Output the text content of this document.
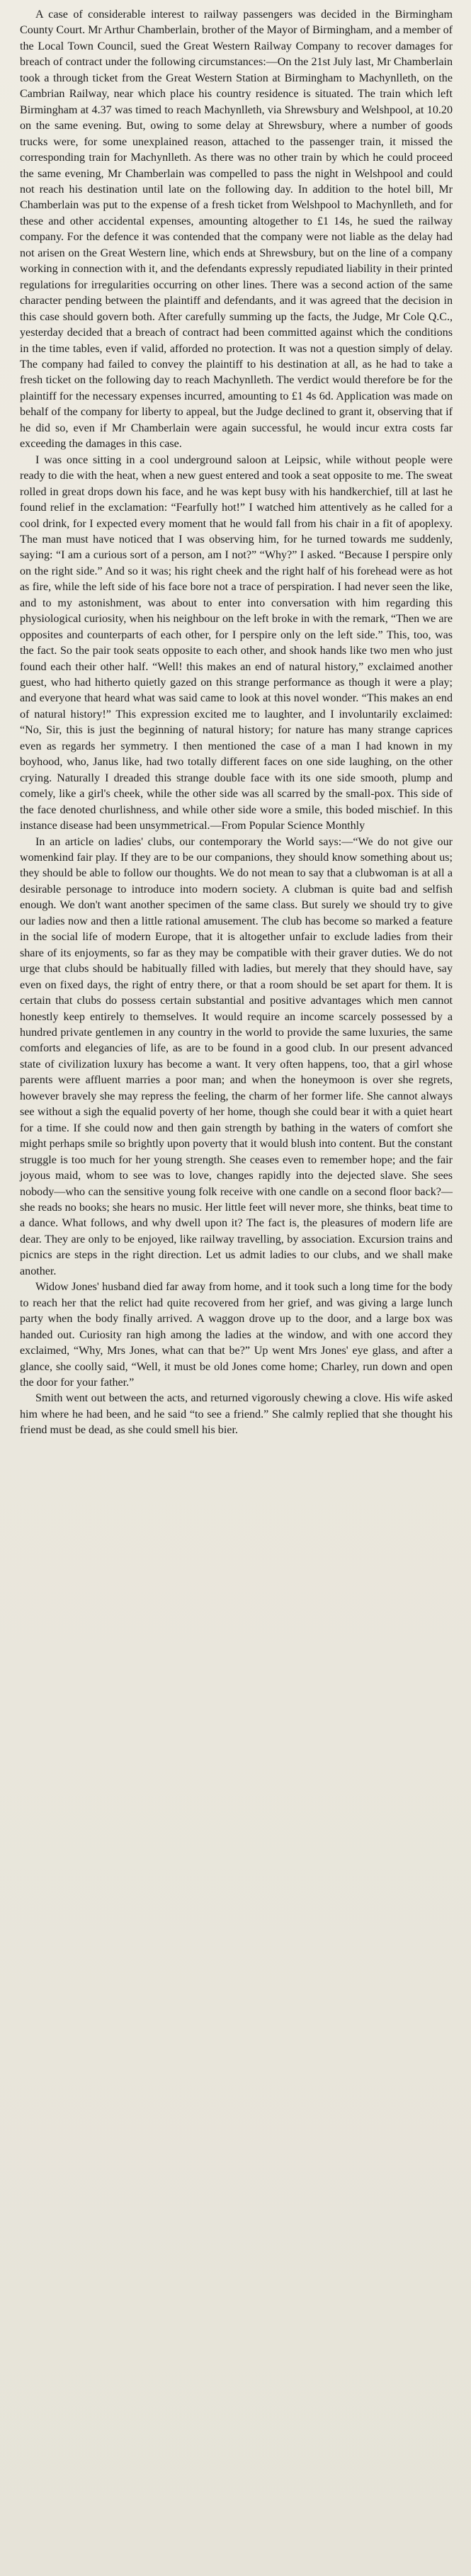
A case of considerable interest to railway passengers was decided in the Birmingham County Court. Mr Arthur Chamberlain, brother of the Mayor of Birmingham, and a member of the Local Town Council, sued the Great Western Railway Company to recover damages for breach of contract under the following circumstances:—On the 21st July last, Mr Chamberlain took a through ticket from the Great Western Station at Birmingham to Machynlleth, on the Cambrian Railway, near which place his country residence is situated. The train which left Birmingham at 4.37 was timed to reach Machynlleth, via Shrewsbury and Welshpool, at 10.20 on the same evening. But, owing to some delay at Shrewsbury, where a number of goods trucks were, for some unexplained reason, attached to the passenger train, it missed the corresponding train for Machynlleth. As there was no other train by which he could proceed the same evening, Mr Chamberlain was compelled to pass the night in Welshpool and could not reach his destination until late on the following day. In addition to the hotel bill, Mr Chamberlain was put to the expense of a fresh ticket from Welshpool to Machynlleth, and for these and other accidental expenses, amounting altogether to £1 14s, he sued the railway company. For the defence it was contended that the company were not liable as the delay had not arisen on the Great Western line, which ends at Shrewsbury, but on the line of a company working in connection with it, and the defendants expressly repudiated liability in their printed regulations for irregularities occurring on other lines. There was a second action of the same character pending between the plaintiff and defendants, and it was agreed that the decision in this case should govern both. After carefully summing up the facts, the Judge, Mr Cole Q.C., yesterday decided that a breach of contract had been committed against which the conditions in the time tables, even if valid, afforded no protection. It was not a question simply of delay. The company had failed to convey the plaintiff to his destination at all, as he had to take a fresh ticket on the following day to reach Machynlleth. The verdict would therefore be for the plaintiff for the necessary expenses incurred, amounting to £1 4s 6d. Application was made on behalf of the company for liberty to appeal, but the Judge declined to grant it, observing that if he did so, even if Mr Chamberlain were again successful, he would incur extra costs far exceeding the damages in this case.

I was once sitting in a cool underground saloon at Leipsic, while without people were ready to die with the heat, when a new guest entered and took a seat opposite to me. The sweat rolled in great drops down his face, and he was kept busy with his handkerchief, till at last he found relief in the exclamation: “Fearfully hot!” I watched him attentively as he called for a cool drink, for I expected every moment that he would fall from his chair in a fit of apoplexy. The man must have noticed that I was observing him, for he turned towards me suddenly, saying: “I am a curious sort of a person, am I not?” “Why?” I asked. “Because I perspire only on the right side.” And so it was; his right cheek and the right half of his forehead were as hot as fire, while the left side of his face bore not a trace of perspiration. I had never seen the like, and to my astonishment, was about to enter into conversation with him regarding this physiological curiosity, when his neighbour on the left broke in with the remark, “Then we are opposites and counterparts of each other, for I perspire only on the left side.” This, too, was the fact. So the pair took seats opposite to each other, and shook hands like two men who just found each their other half. “Well! this makes an end of natural history,” exclaimed another guest, who had hitherto quietly gazed on this strange performance as though it were a play; and everyone that heard what was said came to look at this novel wonder. “This makes an end of natural history!” This expression excited me to laughter, and I involuntarily exclaimed: “No, Sir, this is just the beginning of natural history; for nature has many strange caprices even as regards her symmetry. I then mentioned the case of a man I had known in my boyhood, who, Janus like, had two totally different faces on one side laughing, on the other crying. Naturally I dreaded this strange double face with its one side smooth, plump and comely, like a girl's cheek, while the other side was all scarred by the small-pox. This side of the face denoted churlishness, and while other side wore a smile, this boded mischief. In this instance disease had been unsymmetrical.—From Popular Science Monthly

In an article on ladies' clubs, our contemporary the World says:—“We do not give our womenkind fair play. If they are to be our companions, they should know something about us; they should be able to follow our thoughts. We do not mean to say that a clubwoman is at all a desirable personage to introduce into modern society. A clubman is quite bad and selfish enough. We don't want another specimen of the same class. But surely we should try to give our ladies now and then a little rational amusement. The club has become so marked a feature in the social life of modern Europe, that it is altogether unfair to exclude ladies from their share of its enjoyments, so far as they may be compatible with their graver duties. We do not urge that clubs should be habitually filled with ladies, but merely that they should have, say even on fixed days, the right of entry there, or that a room should be set apart for them. It is certain that clubs do possess certain substantial and positive advantages which men cannot honestly keep entirely to themselves. It would require an income scarcely possessed by a hundred private gentlemen in any country in the world to provide the same luxuries, the same comforts and elegancies of life, as are to be found in a good club. In our present advanced state of civilization luxury has become a want. It very often happens, too, that a girl whose parents were affluent marries a poor man; and when the honeymoon is over she regrets, however bravely she may repress the feeling, the charm of her former life. She cannot always see without a sigh the equalid poverty of her home, though she could bear it with a quiet heart for a time. If she could now and then gain strength by bathing in the waters of comfort she might perhaps smile so brightly upon poverty that it would blush into content. But the constant struggle is too much for her young strength. She ceases even to remember hope; and the fair joyous maid, whom to see was to love, changes rapidly into the dejected slave. She sees nobody—who can the sensitive young folk receive with one candle on a second floor back?—she reads no books; she hears no music. Her little feet will never more, she thinks, beat time to a dance. What follows, and why dwell upon it? The fact is, the pleasures of modern life are dear. They are only to be enjoyed, like railway travelling, by association. Excursion trains and picnics are steps in the right direction. Let us admit ladies to our clubs, and we shall make another.

Widow Jones' husband died far away from home, and it took such a long time for the body to reach her that the relict had quite recovered from her grief, and was giving a large lunch party when the body finally arrived. A waggon drove up to the door, and a large box was handed out. Curiosity ran high among the ladies at the window, and with one accord they exclaimed, “Why, Mrs Jones, what can that be?” Up went Mrs Jones' eye glass, and after a glance, she coolly said, “Well, it must be old Jones come home; Charley, run down and open the door for your father.”

Smith went out between the acts, and returned vigorously chewing a clove. His wife asked him where he had been, and he said “to see a friend.” She calmly replied that she thought his friend must be dead, as she could smell his bier.
